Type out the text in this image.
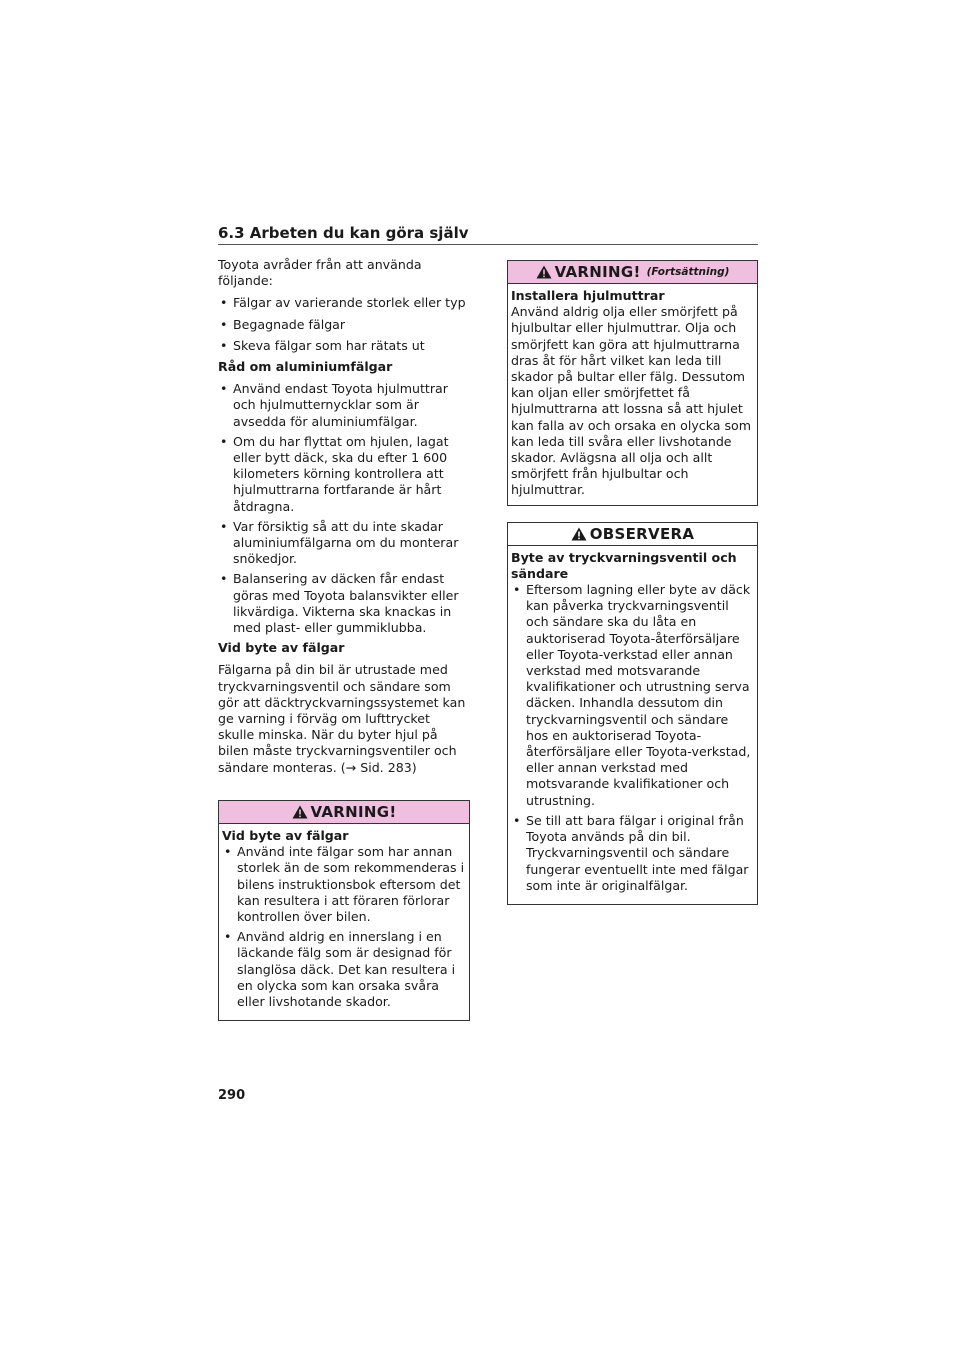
6.3 Arbeten du kan göra själv

Toyota avråder från att använda följande:

• Fälgar av varierande storlek eller typ
• Begagnade fälgar
• Skeva fälgar som har rätats ut

Råd om aluminiumfälgar

• Använd endast Toyota hjulmuttrar och hjulmutternycklar som är avsedda för aluminiumfälgar.
• Om du har flyttat om hjulen, lagat eller bytt däck, ska du efter 1 600 kilometers körning kontrollera att hjulmuttrarna fortfarande är hårt åtdragna.
• Var försiktig så att du inte skadar aluminiumfälgarna om du monterar snökedjor.
• Balansering av däcken får endast göras med Toyota balansvikter eller likvärdiga. Vikterna ska knackas in med plast- eller gummiklubba.

Vid byte av fälgar

Fälgarna på din bil är utrustade med tryckvarningsventil och sändare som gör att däcktryckvarningssystemet kan ge varning i förväg om lufttrycket skulle minska. När du byter hjul på bilen måste tryckvarningsventiler och sändare monteras. (→ Sid. 283)

VARNING!
Vid byte av fälgar
• Använd inte fälgar som har annan storlek än de som rekommenderas i bilens instruktionsbok eftersom det kan resultera i att föraren förlorar kontrollen över bilen.
• Använd aldrig en innerslang i en läckande fälg som är designad för slanglösa däck. Det kan resultera i en olycka som kan orsaka svåra eller livshotande skador.
VARNING! (Fortsättning)
Installera hjulmuttrar
Använd aldrig olja eller smörjfett på hjulbultar eller hjulmuttrar. Olja och smörjfett kan göra att hjulmuttrarna dras åt för hårt vilket kan leda till skador på bultar eller fälg. Dessutom kan oljan eller smörjfettet få hjulmuttrarna att lossna så att hjulet kan falla av och orsaka en olycka som kan leda till svåra eller livshotande skador. Avlägsna all olja och allt smörjfett från hjulbultar och hjulmuttrar.
OBSERVERA
Byte av tryckvarningsventil och sändare
• Eftersom lagning eller byte av däck kan påverka tryckvarningsventil och sändare ska du låta en auktoriserad Toyota-återförsäljare eller Toyota-verkstad eller annan verkstad med motsvarande kvalifikationer och utrustning serva däcken. Inhandla dessutom din tryckvarningsventil och sändare hos en auktoriserad Toyota-återförsäljare eller Toyota-verkstad, eller annan verkstad med motsvarande kvalifikationer och utrustning.
• Se till att bara fälgar i original från Toyota används på din bil. Tryckvarningsventil och sändare fungerar eventuellt inte med fälgar som inte är originalfälgar.
290
